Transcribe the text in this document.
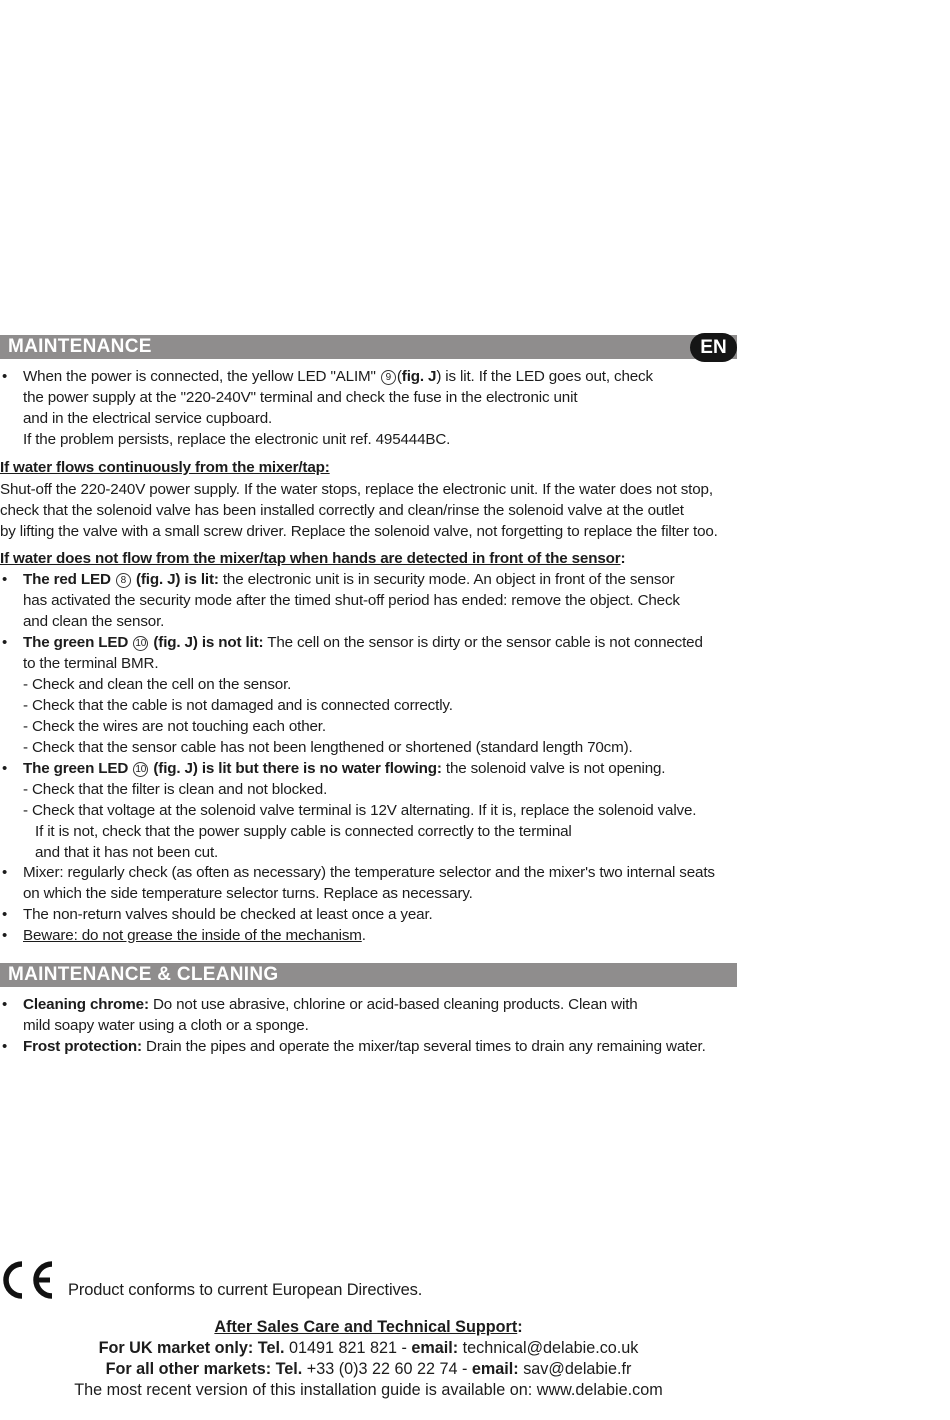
MAINTENANCE	EN
• When the power is connected, the yellow LED "ALIM" 9 (fig. J) is lit. If the LED goes out, check
the power supply at the "220-240V" terminal and check the fuse in the electronic unit
and in the electrical service cupboard.
If the problem persists, replace the electronic unit ref. 495444BC.
If water flows continuously from the mixer/tap:
Shut-off the 220-240V power supply. If the water stops, replace the electronic unit. If the water does not stop,
check that the solenoid valve has been installed correctly and clean/rinse the solenoid valve at the outlet
by lifting the valve with a small screw driver. Replace the solenoid valve, not forgetting to replace the filter too.
If water does not flow from the mixer/tap when hands are detected in front of the sensor:
• The red LED 8 (fig. J) is lit: the electronic unit is in security mode. An object in front of the sensor
has activated the security mode after the timed shut-off period has ended: remove the object. Check
and clean the sensor.
• The green LED 10 (fig. J) is not lit: The cell on the sensor is dirty or the sensor cable is not connected
to the terminal BMR.
- Check and clean the cell on the sensor.
- Check that the cable is not damaged and is connected correctly.
- Check the wires are not touching each other.
- Check that the sensor cable has not been lengthened or shortened (standard length 70cm).
• The green LED 10 (fig. J) is lit but there is no water flowing: the solenoid valve is not opening.
- Check that the filter is clean and not blocked.
- Check that voltage at the solenoid valve terminal is 12V alternating. If it is, replace the solenoid valve.
If it is not, check that the power supply cable is connected correctly to the terminal
and that it has not been cut.
• Mixer: regularly check (as often as necessary) the temperature selector and the mixer's two internal seats
on which the side temperature selector turns. Replace as necessary.
• The non-return valves should be checked at least once a year.
• Beware: do not grease the inside of the mechanism.
MAINTENANCE & CLEANING
• Cleaning chrome: Do not use abrasive, chlorine or acid-based cleaning products. Clean with
mild soapy water using a cloth or a sponge.
• Frost protection: Drain the pipes and operate the mixer/tap several times to drain any remaining water.
Product conforms to current European Directives.
After Sales Care and Technical Support:
For UK market only: Tel. 01491 821 821 - email: technical@delabie.co.uk
For all other markets: Tel. +33 (0)3 22 60 22 74 - email: sav@delabie.fr
The most recent version of this installation guide is available on: www.delabie.com
